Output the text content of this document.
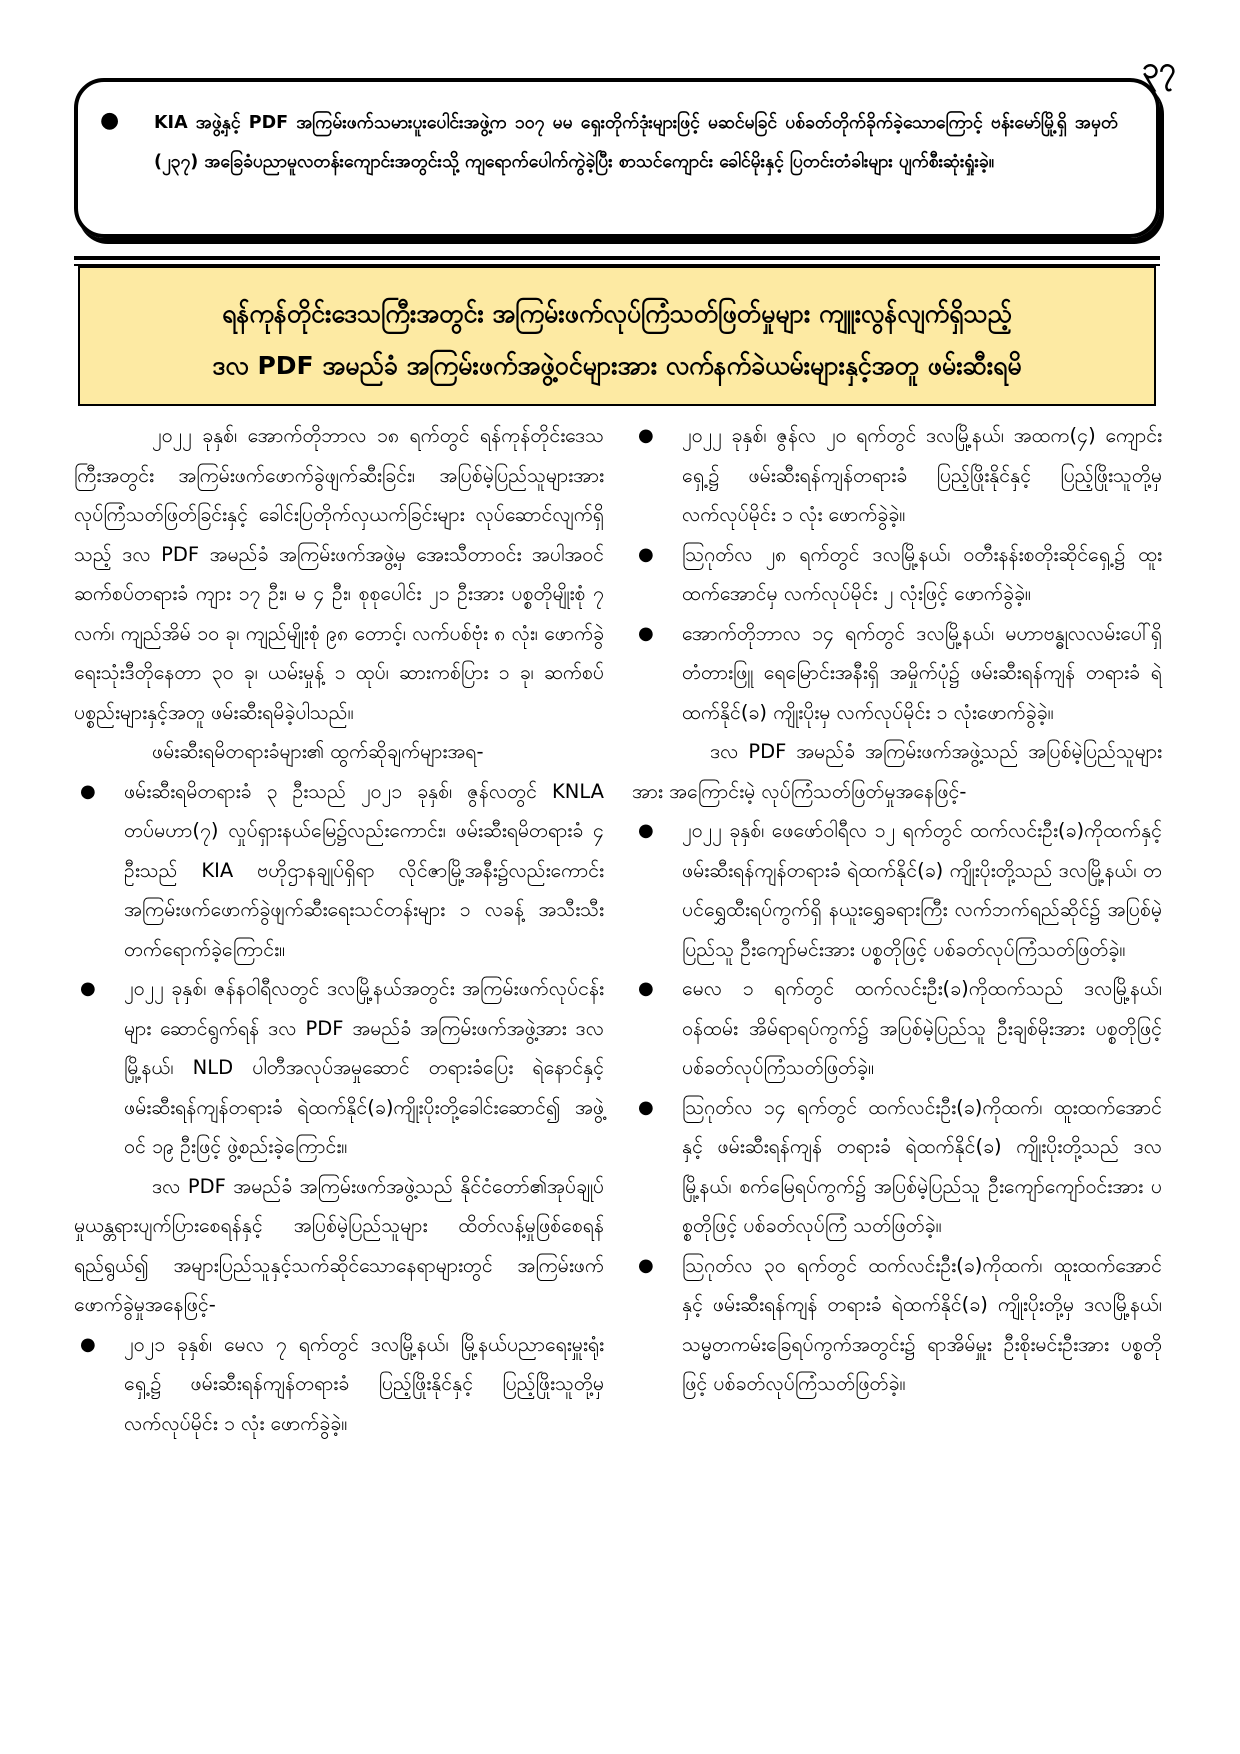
၃၇
● KIA အဖွဲ့နှင့် PDF အကြမ်းဖက်သမားပူးပေါင်းအဖွဲ့က ၁၀၇ မမ ရှေးတိုက်ဒုံးများဖြင့် မဆင်မခြင် ပစ်ခတ်တိုက်ခိုက်ခဲ့သောကြောင့် ဗန်းမော်မြို့ရှိ အမှတ် (၂၃၇) အခြေခံပညာမူလတန်းကျောင်းအတွင်းသို့ ကျရောက်ပေါက်ကွဲခဲ့ပြီး စာသင်ကျောင်း ခေါင်မိုးနှင့် ပြတင်းတံခါးများ ပျက်စီးဆုံးရှုံးခဲ့။

ရန်ကုန်တိုင်းဒေသကြီးအတွင်း အကြမ်းဖက်လုပ်ကြံသတ်ဖြတ်မှုများ ကျူးလွန်လျက်ရှိသည့်
ဒလ PDF အမည်ခံ အကြမ်းဖက်အဖွဲ့ဝင်များအား လက်နက်ခဲယမ်းများနှင့်အတူ ဖမ်းဆီးရမိ

၂၀၂၂ ခုနှစ်၊ အောက်တိုဘာလ ၁၈ ရက်တွင် ရန်ကုန်တိုင်းဒေသကြီးအတွင်း အကြမ်းဖက်ဖောက်ခွဲဖျက်ဆီးခြင်း၊ အပြစ်မဲ့ပြည်သူများအား လုပ်ကြံသတ်ဖြတ်ခြင်းနှင့် ခေါင်းပြတိုက်လှယက်ခြင်းများ လုပ်ဆောင်လျက်ရှိသည့် ဒလ PDF အမည်ခံ အကြမ်းဖက်အဖွဲ့မှ အေးသီတာဝင်း အပါအဝင် ဆက်စပ်တရားခံ ကျား ၁၇ ဦး၊ မ ၄ ဦး၊ စုစုပေါင်း ၂၁ ဦးအား ပစ္စတိုမျိုးစုံ ၇ လက်၊ ကျည်အိမ် ၁၀ ခု၊ ကျည်မျိုးစုံ ၉၈ တောင့်၊ လက်ပစ်ဗုံး ၈ လုံး၊ ဖောက်ခွဲရေးသုံးဒီတိုနေတာ ၃၀ ခု၊ ယမ်းမှုန့် ၁ ထုပ်၊ ဆားကစ်ပြား ၁ ခု၊ ဆက်စပ် ပစ္စည်းများနှင့်အတူ ဖမ်းဆီးရမိခဲ့ပါသည်။

ဖမ်းဆီးရမိတရားခံများ၏ ထွက်ဆိုချက်များအရ-

● ဖမ်းဆီးရမိတရားခံ ၃ ဦးသည် ၂၀၂၁ ခုနှစ်၊ ဇွန်လတွင် KNLA တပ်မဟာ(၇) လှုပ်ရှားနယ်မြေ၌လည်းကောင်း၊ ဖမ်းဆီးရမိတရားခံ ၄ ဦးသည် KIA ဗဟိုဌာနချုပ်ရှိရာ လိုင်ဇာမြို့အနီး၌လည်းကောင်း အကြမ်းဖက်ဖောက်ခွဲဖျက်ဆီးရေးသင်တန်းများ ၁ လခန့် အသီးသီး တက်ရောက်ခဲ့ကြောင်း။
● ၂၀၂၂ ခုနှစ်၊ ဇန်နဝါရီလတွင် ဒလမြို့နယ်အတွင်း အကြမ်းဖက်လုပ်ငန်းများ ဆောင်ရွက်ရန် ဒလ PDF အမည်ခံ အကြမ်းဖက်အဖွဲ့အား ဒလမြို့နယ်၊ NLD ပါတီအလုပ်အမှုဆောင် တရားခံပြေး ရဲနောင်နှင့် ဖမ်းဆီးရန်ကျန်တရားခံ ရဲထက်နိုင်(ခ)ကျိုးပိုးတို့ခေါင်းဆောင်၍ အဖွဲ့ဝင် ၁၉ ဦးဖြင့် ဖွဲ့စည်းခဲ့ကြောင်း။

ဒလ PDF အမည်ခံ အကြမ်းဖက်အဖွဲ့သည် နိုင်ငံတော်၏အုပ်ချုပ်မှုယန္တရားပျက်ပြားစေရန်နှင့် အပြစ်မဲ့ပြည်သူများ ထိတ်လန့်မှုဖြစ်စေရန်ရည်ရွယ်၍ အများပြည်သူနှင့်သက်ဆိုင်သောနေရာများတွင် အကြမ်းဖက်ဖောက်ခွဲမှုအနေဖြင့်-

● ၂၀၂၁ ခုနှစ်၊ မေလ ၇ ရက်တွင် ဒလမြို့နယ်၊ မြို့နယ်ပညာရေးမှူးရုံးရှေ့၌ ဖမ်းဆီးရန်ကျန်တရားခံ ပြည့်ဖြိုးနိုင်နှင့် ပြည့်ဖြိုးသူတို့မှ လက်လုပ်မိုင်း ၁ လုံး ဖောက်ခွဲခဲ့။
● ၂၀၂၂ ခုနှစ်၊ ဇွန်လ ၂၀ ရက်တွင် ဒလမြို့နယ်၊ အထက(၄) ကျောင်းရှေ့၌ ဖမ်းဆီးရန်ကျန်တရားခံ ပြည့်ဖြိုးနိုင်နှင့် ပြည့်ဖြိုးသူတို့မှ လက်လုပ်မိုင်း ၁ လုံး ဖောက်ခွဲခဲ့။
● ဩဂုတ်လ ၂၈ ရက်တွင် ဒလမြို့နယ်၊ ဝတီးနန်းစတိုးဆိုင်ရှေ့၌ ထူးထက်အောင်မှ လက်လုပ်မိုင်း ၂ လုံးဖြင့် ဖောက်ခွဲခဲ့။
● အောက်တိုဘာလ ၁၄ ရက်တွင် ဒလမြို့နယ်၊ မဟာဗန္ဓုလလမ်းပေါ်ရှိ တံတားဖြူ ရေမြောင်းအနီးရှိ အမှိုက်ပုံ၌ ဖမ်းဆီးရန်ကျန် တရားခံ ရဲထက်နိုင်(ခ) ကျိုးပိုးမှ လက်လုပ်မိုင်း ၁ လုံးဖောက်ခွဲခဲ့။

ဒလ PDF အမည်ခံ အကြမ်းဖက်အဖွဲ့သည် အပြစ်မဲ့ပြည်သူများအား အကြောင်းမဲ့ လုပ်ကြံသတ်ဖြတ်မှုအနေဖြင့်-

● ၂၀၂၂ ခုနှစ်၊ ဖေဖော်ဝါရီလ ၁၂ ရက်တွင် ထက်လင်းဦး(ခ)ကိုထက်နှင့် ဖမ်းဆီးရန်ကျန်တရားခံ ရဲထက်နိုင်(ခ) ကျိုးပိုးတို့သည် ဒလမြို့နယ်၊ တပင်ရွှေထီးရပ်ကွက်ရှိ နယူးရွှေခရားကြီး လက်ဘက်ရည်ဆိုင်၌ အပြစ်မဲ့ပြည်သူ ဦးကျော်မင်းအား ပစ္စတိုဖြင့် ပစ်ခတ်လုပ်ကြံသတ်ဖြတ်ခဲ့။
● မေလ ၁ ရက်တွင် ထက်လင်းဦး(ခ)ကိုထက်သည် ဒလမြို့နယ်၊ ဝန်ထမ်း အိမ်ရာရပ်ကွက်၌ အပြစ်မဲ့ပြည်သူ ဦးချစ်မိုးအား ပစ္စတိုဖြင့် ပစ်ခတ်လုပ်ကြံသတ်ဖြတ်ခဲ့။
● ဩဂုတ်လ ၁၄ ရက်တွင် ထက်လင်းဦး(ခ)ကိုထက်၊ ထူးထက်အောင်နှင့် ဖမ်းဆီးရန်ကျန် တရားခံ ရဲထက်နိုင်(ခ) ကျိုးပိုးတို့သည် ဒလမြို့နယ်၊ စက်မြေရပ်ကွက်၌ အပြစ်မဲ့ပြည်သူ ဦးကျော်ကျော်ဝင်းအား ပစ္စတိုဖြင့် ပစ်ခတ်လုပ်ကြံ သတ်ဖြတ်ခဲ့။
● ဩဂုတ်လ ၃၀ ရက်တွင် ထက်လင်းဦး(ခ)ကိုထက်၊ ထူးထက်အောင်နှင့် ဖမ်းဆီးရန်ကျန် တရားခံ ရဲထက်နိုင်(ခ) ကျိုးပိုးတို့မှ ဒလမြို့နယ်၊ သမ္မတကမ်းခြေရပ်ကွက်အတွင်း၌ ရာအိမ်မှူး ဦးစိုးမင်းဦးအား ပစ္စတိုဖြင့် ပစ်ခတ်လုပ်ကြံသတ်ဖြတ်ခဲ့။
